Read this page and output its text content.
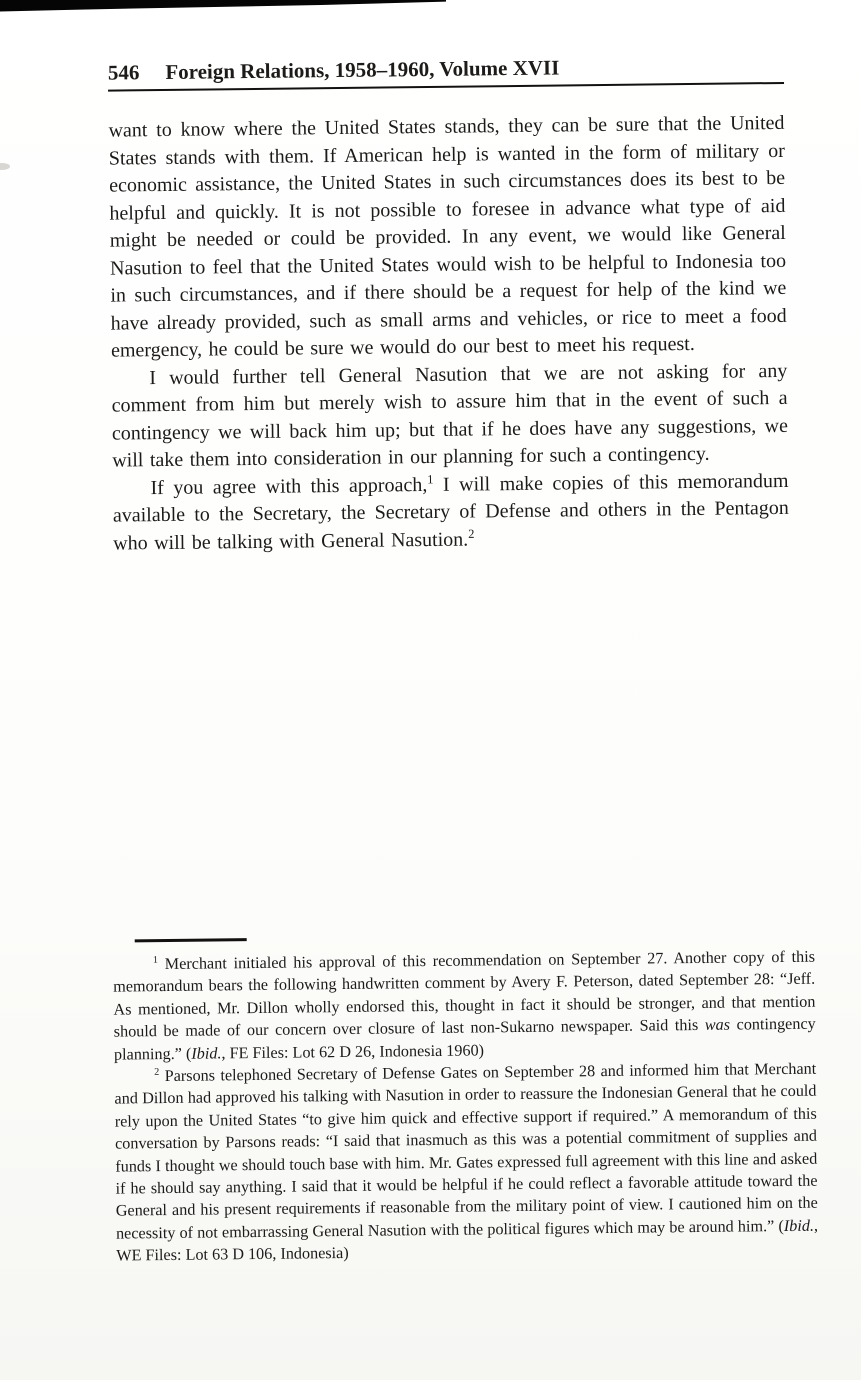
546 Foreign Relations, 1958–1960, Volume XVII

want to know where the United States stands, they can be sure that the United States stands with them. If American help is wanted in the form of military or economic assistance, the United States in such circumstances does its best to be helpful and quickly. It is not possible to foresee in advance what type of aid might be needed or could be provided. In any event, we would like General Nasution to feel that the United States would wish to be helpful to Indonesia too in such circumstances, and if there should be a request for help of the kind we have already provided, such as small arms and vehicles, or rice to meet a food emergency, he could be sure we would do our best to meet his request.

I would further tell General Nasution that we are not asking for any comment from him but merely wish to assure him that in the event of such a contingency we will back him up; but that if he does have any suggestions, we will take them into consideration in our planning for such a contingency.

If you agree with this approach,$^1$ I will make copies of this memorandum available to the Secretary, the Secretary of Defense and others in the Pentagon who will be talking with General Nasution.$^2$

$^1$ Merchant initialed his approval of this recommendation on September 27. Another copy of this memorandum bears the following handwritten comment by Avery F. Peterson, dated September 28: “Jeff. As mentioned, Mr. Dillon wholly endorsed this, thought in fact it should be stronger, and that mention should be made of our concern over closure of last non-Sukarno newspaper. Said this was contingency planning.” (Ibid., FE Files: Lot 62 D 26, Indonesia 1960)

$^2$ Parsons telephoned Secretary of Defense Gates on September 28 and informed him that Merchant and Dillon had approved his talking with Nasution in order to reassure the Indonesian General that he could rely upon the United States “to give him quick and effective support if required.” A memorandum of this conversation by Parsons reads: “I said that inasmuch as this was a potential commitment of supplies and funds I thought we should touch base with him. Mr. Gates expressed full agreement with this line and asked if he should say anything. I said that it would be helpful if he could reflect a favorable attitude toward the General and his present requirements if reasonable from the military point of view. I cautioned him on the necessity of not embarrassing General Nasution with the political figures which may be around him.” (Ibid., WE Files: Lot 63 D 106, Indonesia)
